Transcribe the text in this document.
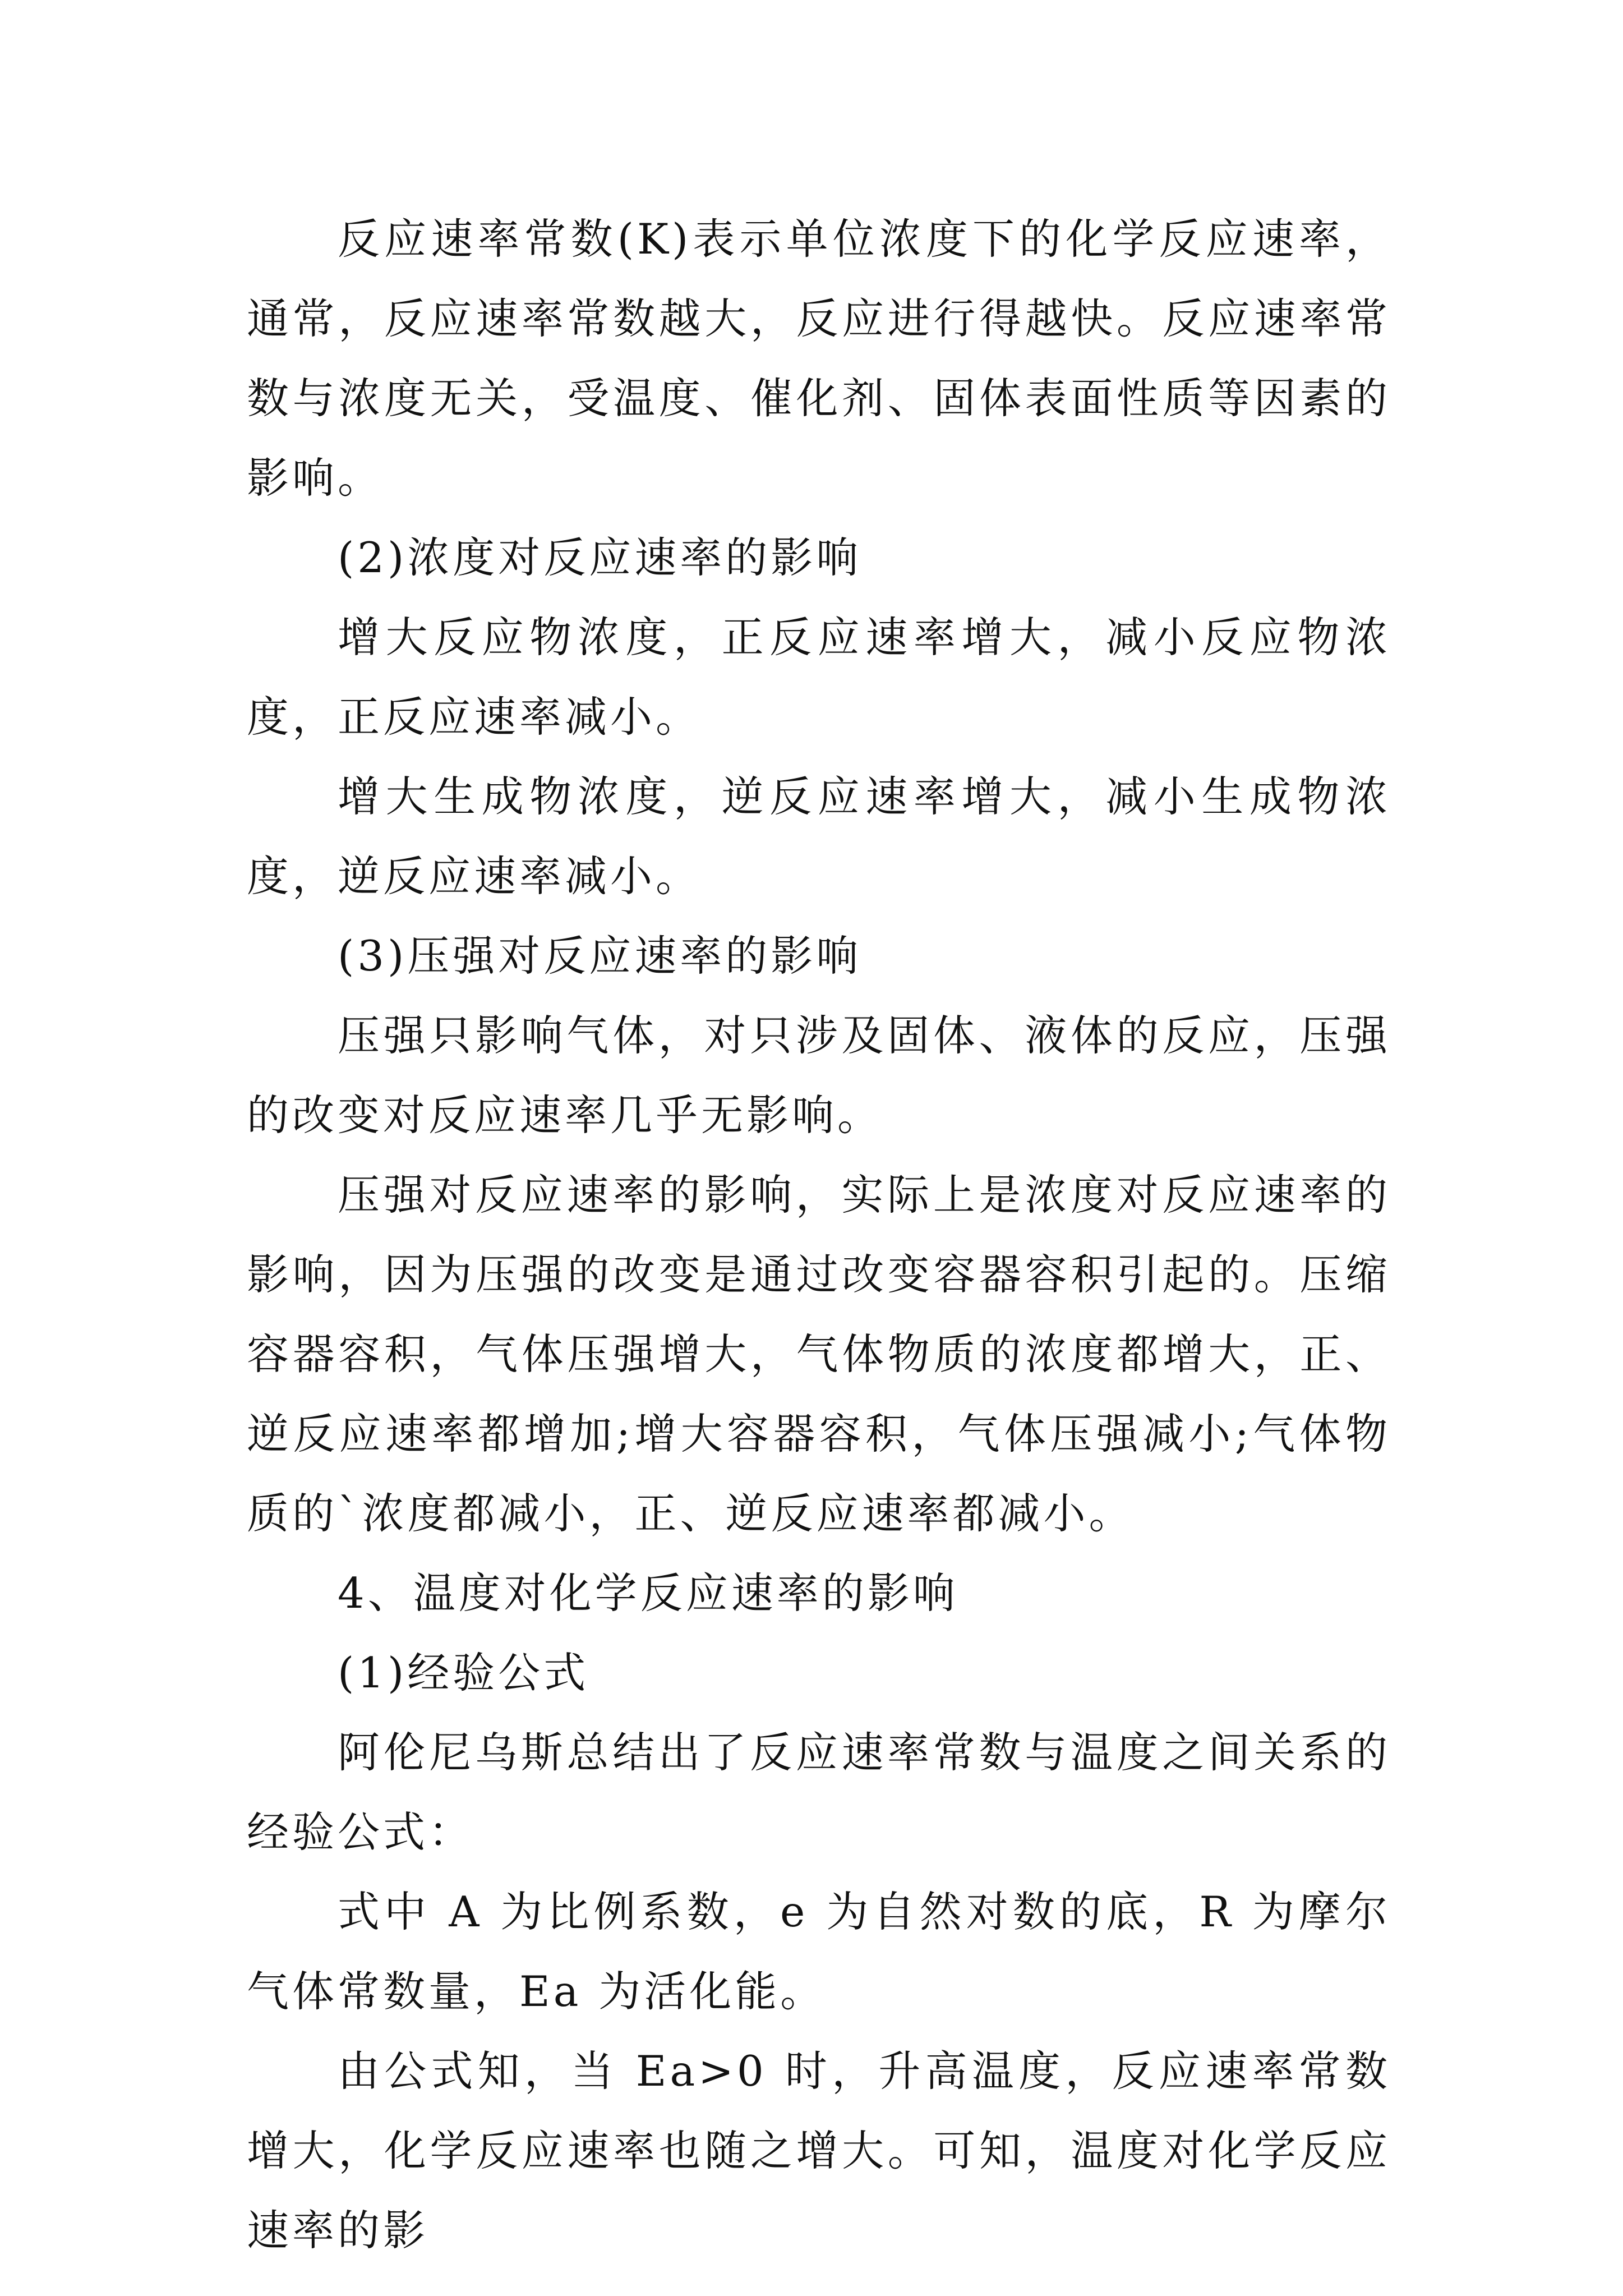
反应速率常数(K)表示单位浓度下的化学反应速率，通常，反应速率常数越大，反应进行得越快。反应速率常数与浓度无关，受温度、催化剂、固体表面性质等因素的影响。

(2)浓度对反应速率的影响

增大反应物浓度，正反应速率增大，减小反应物浓度，正反应速率减小。

增大生成物浓度，逆反应速率增大，减小生成物浓度，逆反应速率减小。

(3)压强对反应速率的影响

压强只影响气体，对只涉及固体、液体的反应，压强的改变对反应速率几乎无影响。

压强对反应速率的影响，实际上是浓度对反应速率的影响，因为压强的改变是通过改变容器容积引起的。压缩容器容积，气体压强增大，气体物质的浓度都增大，正、逆反应速率都增加;增大容器容积，气体压强减小;气体物质的`浓度都减小，正、逆反应速率都减小。

4、温度对化学反应速率的影响

(1)经验公式

阿伦尼乌斯总结出了反应速率常数与温度之间关系的经验公式：

式中 A 为比例系数，e 为自然对数的底，R 为摩尔气体常数量，Ea 为活化能。

由公式知，当 Ea>0 时，升高温度，反应速率常数增大，化学反应速率也随之增大。可知，温度对化学反应速率的影
